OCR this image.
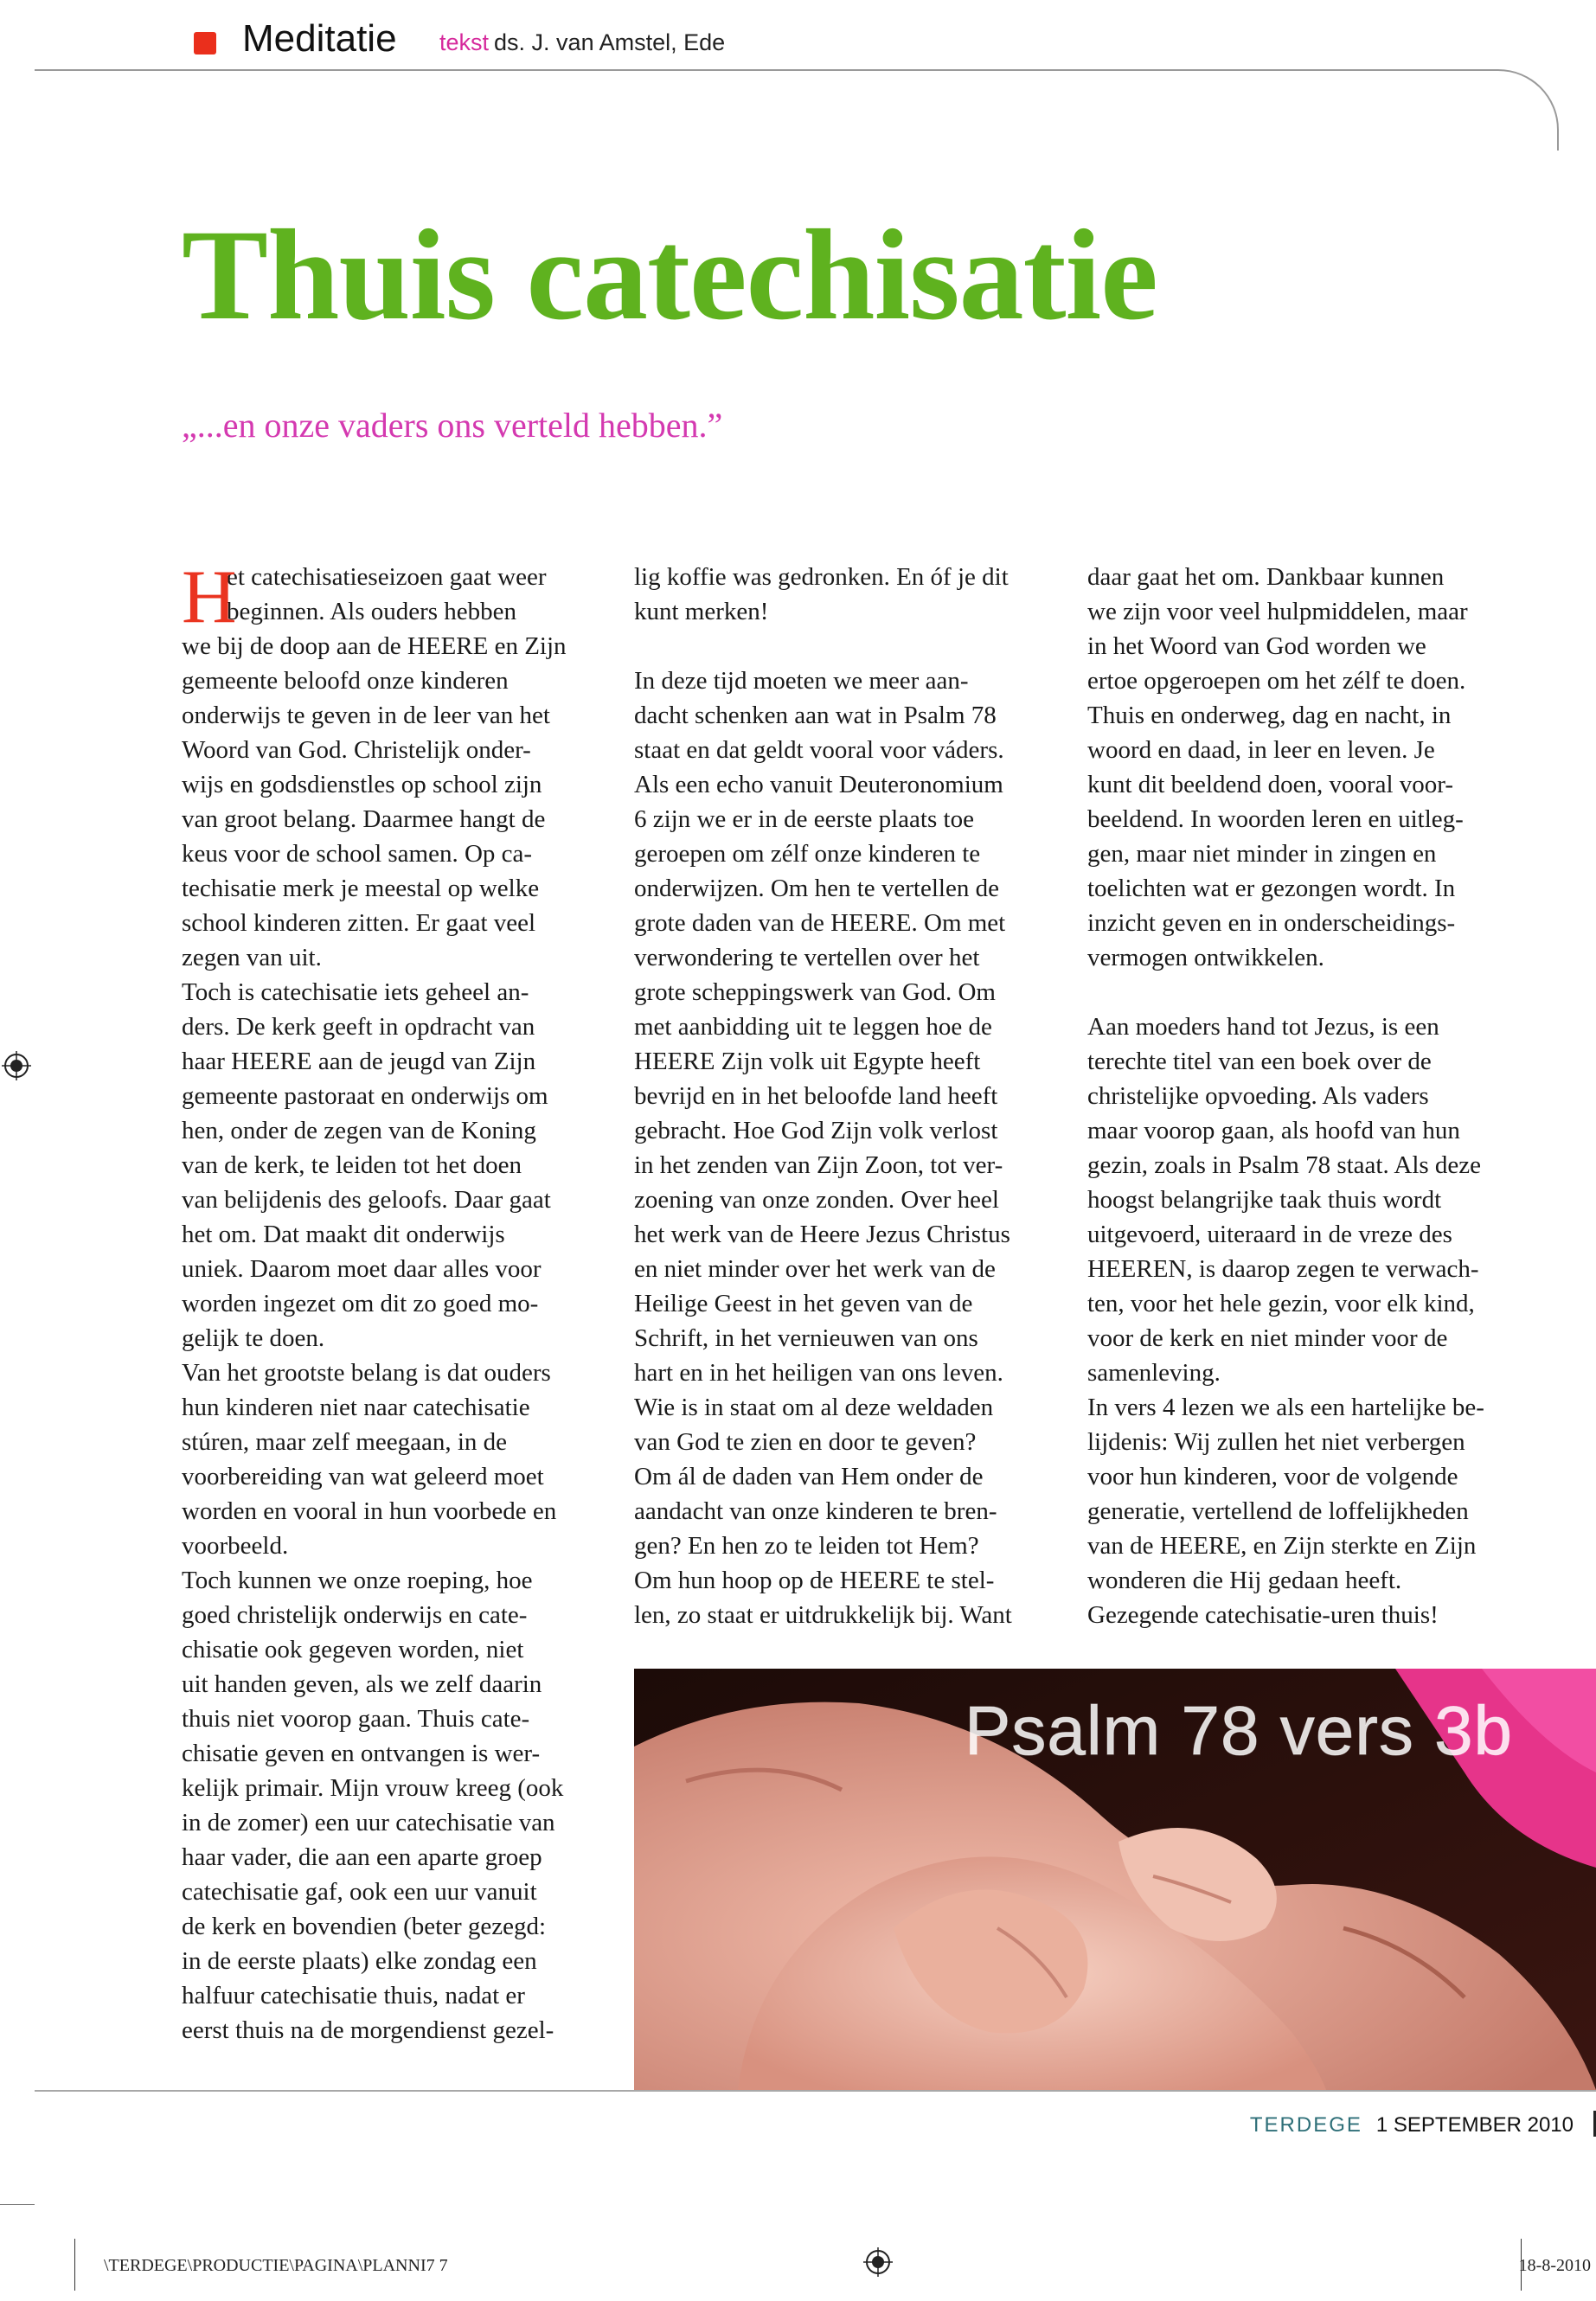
Meditatie tekst ds. J. van Amstel, Ede
Thuis catechisatie
„...en onze vaders ons verteld hebben.”
H
et catechisatieseizoen gaat weer
beginnen. Als ouders hebben
we bij de doop aan de HEERE en Zijn
gemeente beloofd onze kinderen
onderwijs te geven in de leer van het
Woord van God. Christelijk onder-
wijs en godsdienstles op school zijn
van groot belang. Daarmee hangt de
keus voor de school samen. Op ca-
techisatie merk je meestal op welke
school kinderen zitten. Er gaat veel
zegen van uit.
Toch is catechisatie iets geheel an-
ders. De kerk geeft in opdracht van
haar HEERE aan de jeugd van Zijn
gemeente pastoraat en onderwijs om
hen, onder de zegen van de Koning
van de kerk, te leiden tot het doen
van belijdenis des geloofs. Daar gaat
het om. Dat maakt dit onderwijs
uniek. Daarom moet daar alles voor
worden ingezet om dit zo goed mo-
gelijk te doen.
Van het grootste belang is dat ouders
hun kinderen niet naar catechisatie
stúren, maar zelf meegaan, in de
voorbereiding van wat geleerd moet
worden en vooral in hun voorbede en
voorbeeld.
Toch kunnen we onze roeping, hoe
goed christelijk onderwijs en cate-
chisatie ook gegeven worden, niet
uit handen geven, als we zelf daarin
thuis niet voorop gaan. Thuis cate-
chisatie geven en ontvangen is wer-
kelijk primair. Mijn vrouw kreeg (ook
in de zomer) een uur catechisatie van
haar vader, die aan een aparte groep
catechisatie gaf, ook een uur vanuit
de kerk en bovendien (beter gezegd:
in de eerste plaats) elke zondag een
halfuur catechisatie thuis, nadat er
eerst thuis na de morgendienst gezel-
lig koffie was gedronken. En óf je dit
kunt merken!
In deze tijd moeten we meer aan-
dacht schenken aan wat in Psalm 78
staat en dat geldt vooral voor váders.
Als een echo vanuit Deuteronomium
6 zijn we er in de eerste plaats toe
geroepen om zélf onze kinderen te
onderwijzen. Om hen te vertellen de
grote daden van de HEERE. Om met
verwondering te vertellen over het
grote scheppingswerk van God. Om
met aanbidding uit te leggen hoe de
HEERE Zijn volk uit Egypte heeft
bevrijd en in het beloofde land heeft
gebracht. Hoe God Zijn volk verlost
in het zenden van Zijn Zoon, tot ver-
zoening van onze zonden. Over heel
het werk van de Heere Jezus Christus
en niet minder over het werk van de
Heilige Geest in het geven van de
Schrift, in het vernieuwen van ons
hart en in het heiligen van ons leven.
Wie is in staat om al deze weldaden
van God te zien en door te geven?
Om ál de daden van Hem onder de
aandacht van onze kinderen te bren-
gen? En hen zo te leiden tot Hem?
Om hun hoop op de HEERE te stel-
len, zo staat er uitdrukkelijk bij. Want
daar gaat het om. Dankbaar kunnen
we zijn voor veel hulpmiddelen, maar
in het Woord van God worden we
ertoe opgeroepen om het zélf te doen.
Thuis en onderweg, dag en nacht, in
woord en daad, in leer en leven. Je
kunt dit beeldend doen, vooral voor-
beeldend. In woorden leren en uitleg-
gen, maar niet minder in zingen en
toelichten wat er gezongen wordt. In
inzicht geven en in onderscheidings-
vermogen ontwikkelen.
Aan moeders hand tot Jezus, is een
terechte titel van een boek over de
christelijke opvoeding. Als vaders
maar voorop gaan, als hoofd van hun
gezin, zoals in Psalm 78 staat. Als deze
hoogst belangrijke taak thuis wordt
uitgevoerd, uiteraard in de vreze des
HEEREN, is daarop zegen te verwach-
ten, voor het hele gezin, voor elk kind,
voor de kerk en niet minder voor de
samenleving.
In vers 4 lezen we als een hartelijke be-
lijdenis: Wij zullen het niet verbergen
voor hun kinderen, voor de volgende
generatie, vertellend de loffelijkheden
van de HEERE, en Zijn sterkte en Zijn
wonderen die Hij gedaan heeft.
Gezegende catechisatie-uren thuis!
Psalm 78 vers 3b
TERDEGE 1 SEPTEMBER 2010
\TERDEGE\PRODUCTIE\PAGINA\PLANNI7 7	18-8-2010
